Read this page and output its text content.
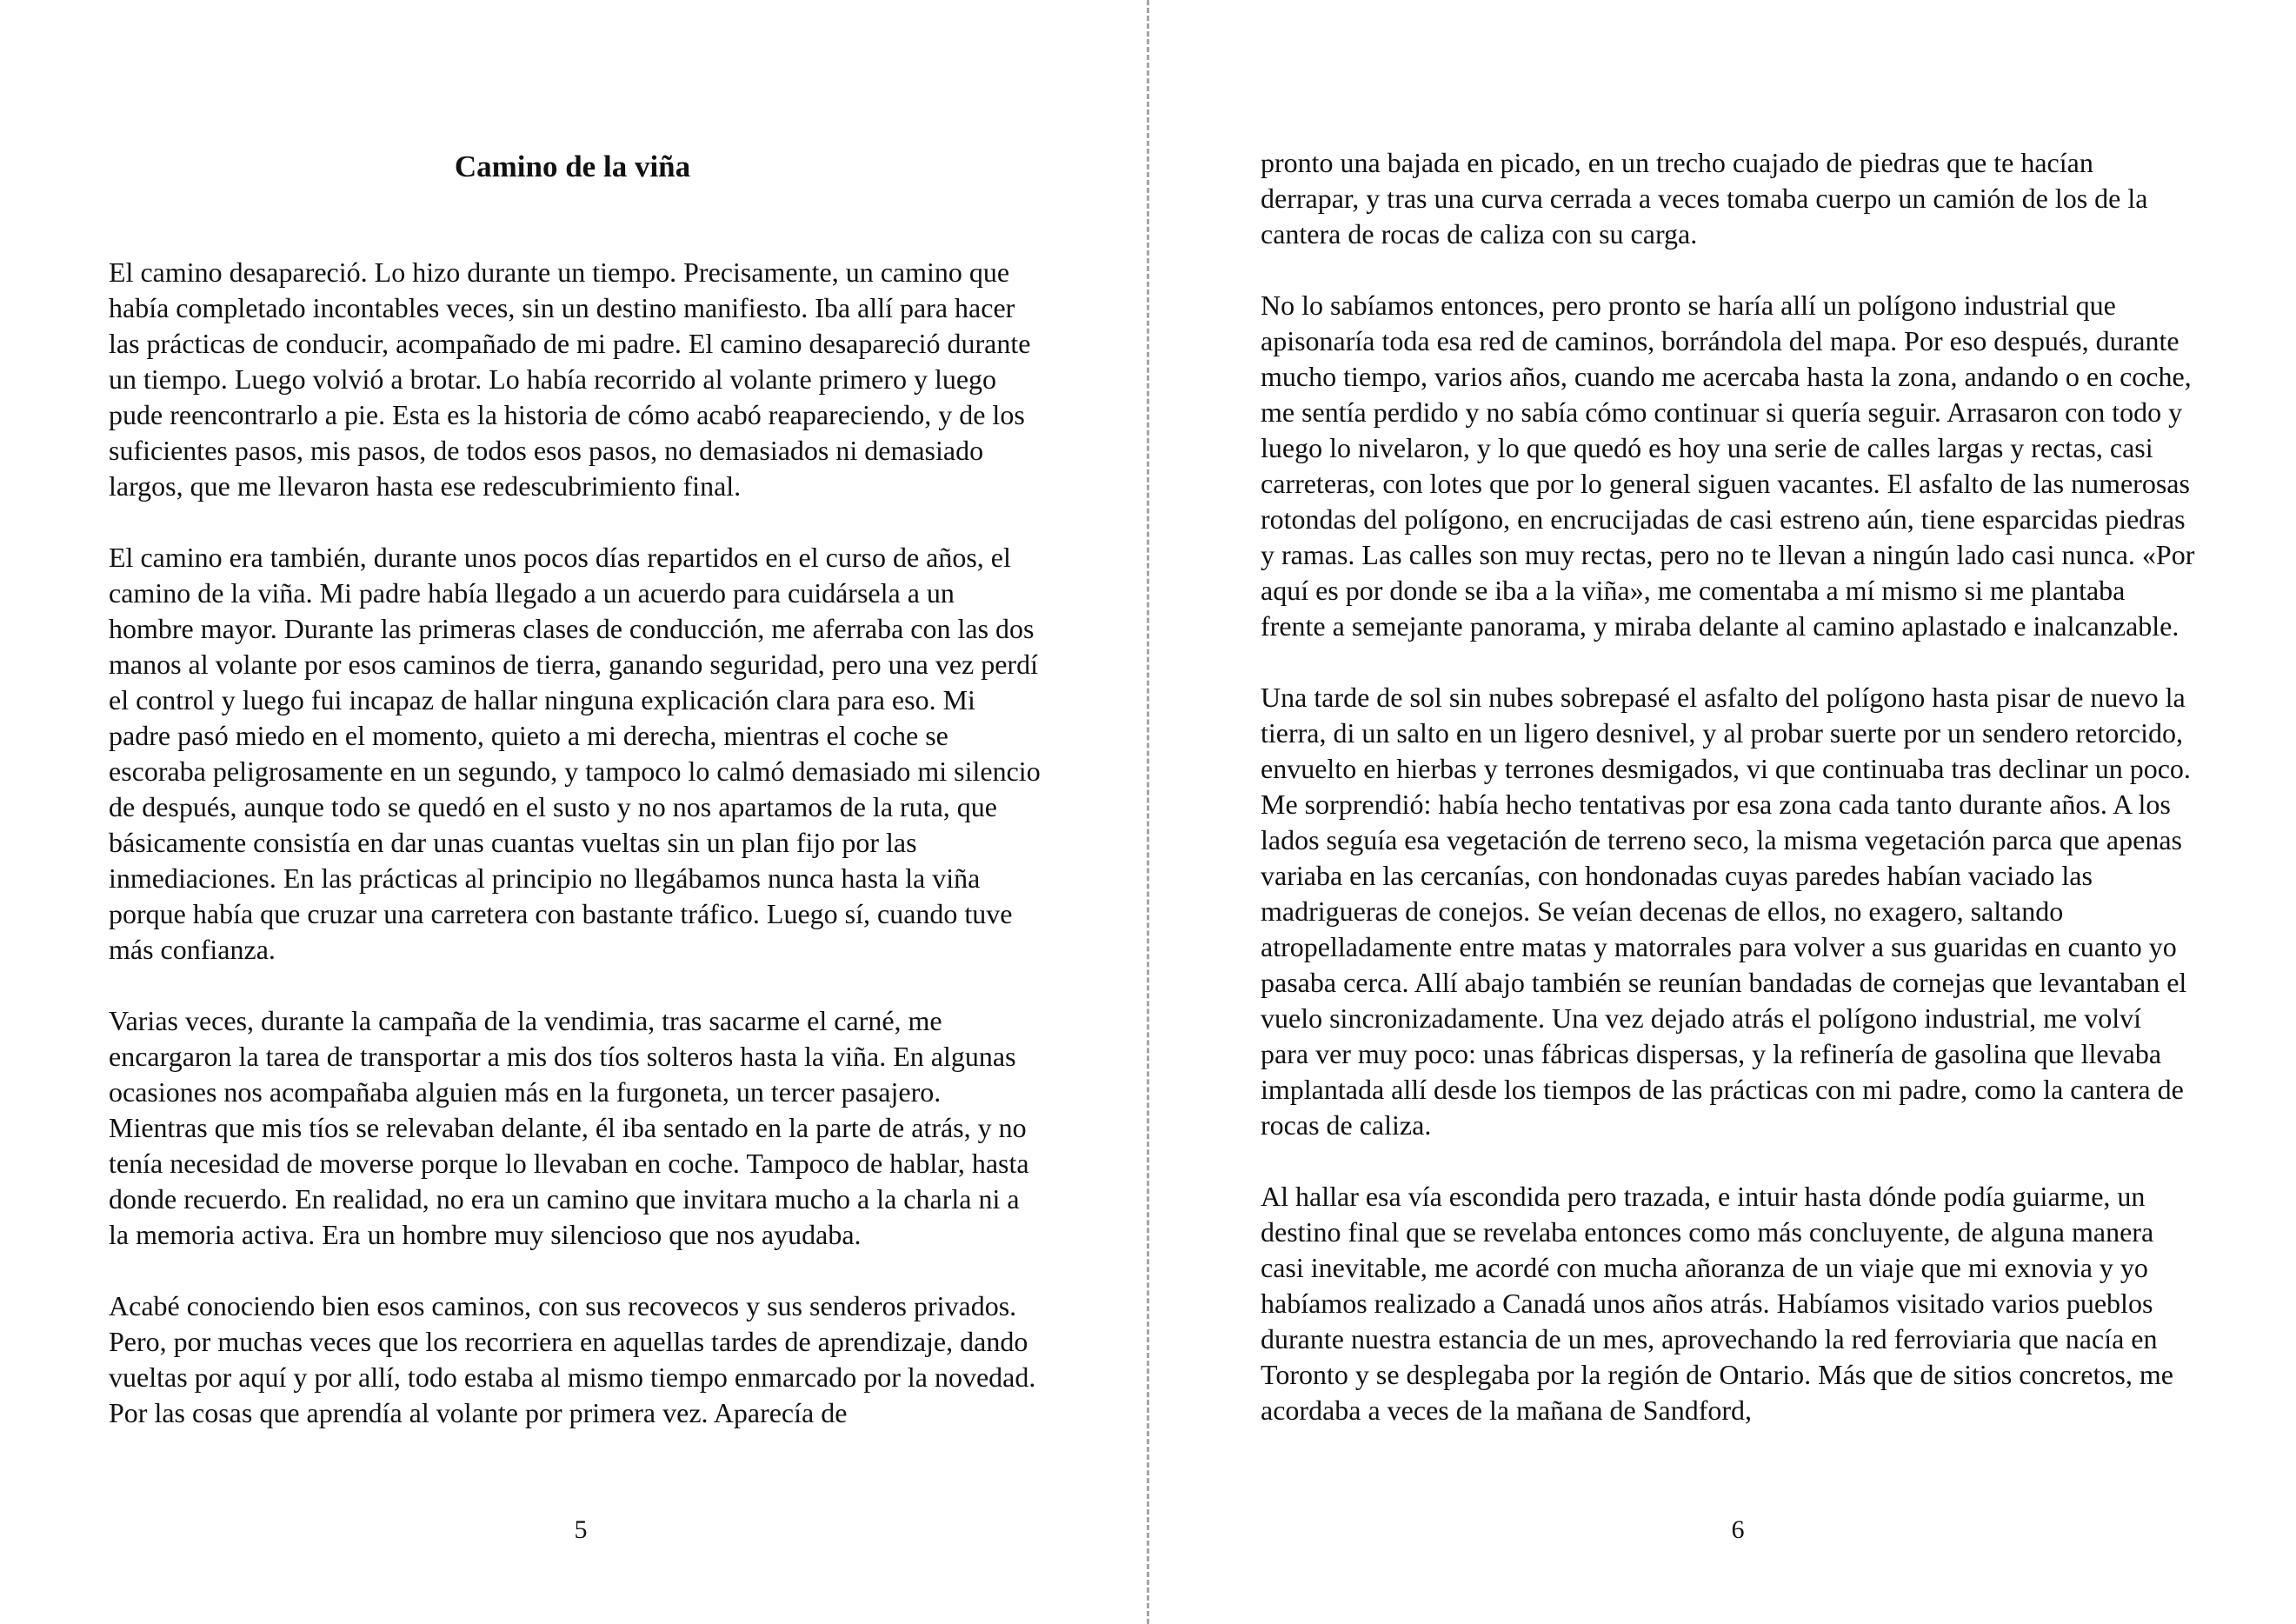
Camino de la viña

El camino desapareció. Lo hizo durante un tiempo. Precisamente, un camino que había completado incontables veces, sin un destino manifiesto. Iba allí para hacer las prácticas de conducir, acompañado de mi padre. El camino desapareció durante un tiempo. Luego volvió a brotar. Lo había recorrido al volante primero y luego pude reencontrarlo a pie. Esta es la historia de cómo acabó reapareciendo, y de los suficientes pasos, mis pasos, de todos esos pasos, no demasiados ni demasiado largos, que me llevaron hasta ese redescubrimiento final.

El camino era también, durante unos pocos días repartidos en el curso de años, el camino de la viña. Mi padre había llegado a un acuerdo para cuidársela a un hombre mayor. Durante las primeras clases de conducción, me aferraba con las dos manos al volante por esos caminos de tierra, ganando seguridad, pero una vez perdí el control y luego fui incapaz de hallar ninguna explicación clara para eso. Mi padre pasó miedo en el momento, quieto a mi derecha, mientras el coche se escoraba peligrosamente en un segundo, y tampoco lo calmó demasiado mi silencio de después, aunque todo se quedó en el susto y no nos apartamos de la ruta, que básicamente consistía en dar unas cuantas vueltas sin un plan fijo por las inmediaciones. En las prácticas al principio no llegábamos nunca hasta la viña porque había que cruzar una carretera con bastante tráfico. Luego sí, cuando tuve más confianza.

Varias veces, durante la campaña de la vendimia, tras sacarme el carné, me encargaron la tarea de transportar a mis dos tíos solteros hasta la viña. En algunas ocasiones nos acompañaba alguien más en la furgoneta, un tercer pasajero. Mientras que mis tíos se relevaban delante, él iba sentado en la parte de atrás, y no tenía necesidad de moverse porque lo llevaban en coche. Tampoco de hablar, hasta donde recuerdo. En realidad, no era un camino que invitara mucho a la charla ni a la memoria activa. Era un hombre muy silencioso que nos ayudaba.

Acabé conociendo bien esos caminos, con sus recovecos y sus senderos privados. Pero, por muchas veces que los recorriera en aquellas tardes de aprendizaje, dando vueltas por aquí y por allí, todo estaba al mismo tiempo enmarcado por la novedad. Por las cosas que aprendía al volante por primera vez. Aparecía de

5

pronto una bajada en picado, en un trecho cuajado de piedras que te hacían derrapar, y tras una curva cerrada a veces tomaba cuerpo un camión de los de la cantera de rocas de caliza con su carga.

No lo sabíamos entonces, pero pronto se haría allí un polígono industrial que apisonaría toda esa red de caminos, borrándola del mapa. Por eso después, durante mucho tiempo, varios años, cuando me acercaba hasta la zona, andando o en coche, me sentía perdido y no sabía cómo continuar si quería seguir. Arrasaron con todo y luego lo nivelaron, y lo que quedó es hoy una serie de calles largas y rectas, casi carreteras, con lotes que por lo general siguen vacantes. El asfalto de las numerosas rotondas del polígono, en encrucijadas de casi estreno aún, tiene esparcidas piedras y ramas. Las calles son muy rectas, pero no te llevan a ningún lado casi nunca. «Por aquí es por donde se iba a la viña», me comentaba a mí mismo si me plantaba frente a semejante panorama, y miraba delante al camino aplastado e inalcanzable.

Una tarde de sol sin nubes sobrepasé el asfalto del polígono hasta pisar de nuevo la tierra, di un salto en un ligero desnivel, y al probar suerte por un sendero retorcido, envuelto en hierbas y terrones desmigados, vi que continuaba tras declinar un poco. Me sorprendió: había hecho tentativas por esa zona cada tanto durante años. A los lados seguía esa vegetación de terreno seco, la misma vegetación parca que apenas variaba en las cercanías, con hondonadas cuyas paredes habían vaciado las madrigueras de conejos. Se veían decenas de ellos, no exagero, saltando atropelladamente entre matas y matorrales para volver a sus guaridas en cuanto yo pasaba cerca. Allí abajo también se reunían bandadas de cornejas que levantaban el vuelo sincronizadamente. Una vez dejado atrás el polígono industrial, me volví para ver muy poco: unas fábricas dispersas, y la refinería de gasolina que llevaba implantada allí desde los tiempos de las prácticas con mi padre, como la cantera de rocas de caliza.

Al hallar esa vía escondida pero trazada, e intuir hasta dónde podía guiarme, un destino final que se revelaba entonces como más concluyente, de alguna manera casi inevitable, me acordé con mucha añoranza de un viaje que mi exnovia y yo habíamos realizado a Canadá unos años atrás. Habíamos visitado varios pueblos durante nuestra estancia de un mes, aprovechando la red ferroviaria que nacía en Toronto y se desplegaba por la región de Ontario. Más que de sitios concretos, me acordaba a veces de la mañana de Sandford,

6
